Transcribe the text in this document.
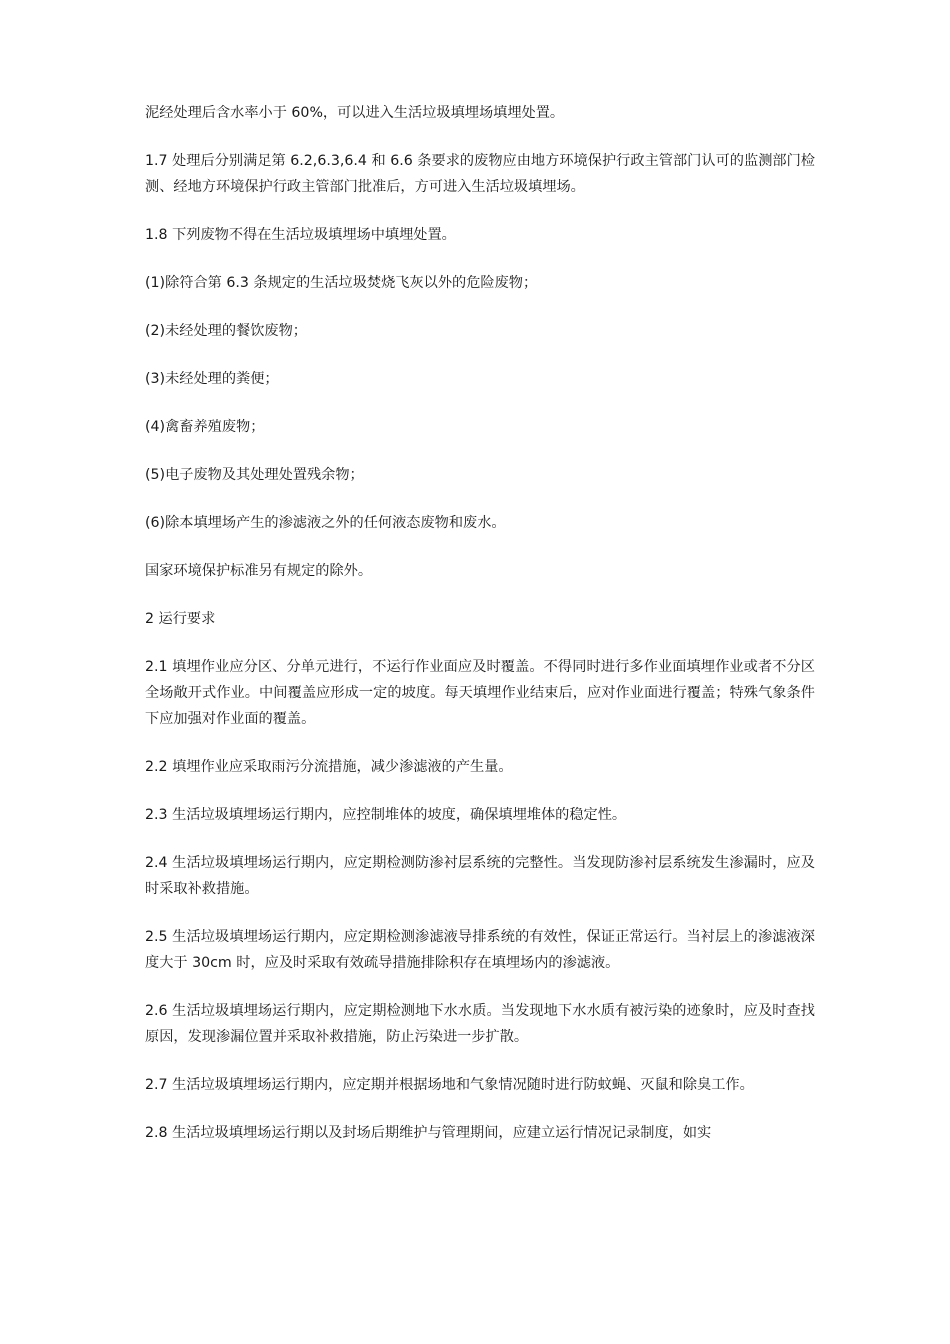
泥经处理后含水率小于 60%，可以进入生活垃圾填埋场填埋处置。

1.7 处理后分别满足第 6.2,6.3,6.4 和 6.6 条要求的废物应由地方环境保护行政主管部门认可的监测部门检测、经地方环境保护行政主管部门批准后，方可进入生活垃圾填埋场。

1.8 下列废物不得在生活垃圾填埋场中填埋处置。

(1)除符合第 6.3 条规定的生活垃圾焚烧飞灰以外的危险废物；

(2)未经处理的餐饮废物；

(3)未经处理的粪便；

(4)禽畜养殖废物；

(5)电子废物及其处理处置残余物；

(6)除本填埋场产生的渗滤液之外的任何液态废物和废水。

国家环境保护标准另有规定的除外。

2 运行要求

2.1 填埋作业应分区、分单元进行，不运行作业面应及时覆盖。不得同时进行多作业面填埋作业或者不分区全场敞开式作业。中间覆盖应形成一定的坡度。每天填埋作业结束后，应对作业面进行覆盖；特殊气象条件下应加强对作业面的覆盖。

2.2 填埋作业应采取雨污分流措施，减少渗滤液的产生量。

2.3 生活垃圾填埋场运行期内，应控制堆体的坡度，确保填埋堆体的稳定性。

2.4 生活垃圾填埋场运行期内，应定期检测防渗衬层系统的完整性。当发现防渗衬层系统发生渗漏时，应及时采取补救措施。

2.5 生活垃圾填埋场运行期内，应定期检测渗滤液导排系统的有效性，保证正常运行。当衬层上的渗滤液深度大于 30cm 时，应及时采取有效疏导措施排除积存在填埋场内的渗滤液。

2.6 生活垃圾填埋场运行期内，应定期检测地下水水质。当发现地下水水质有被污染的迹象时，应及时查找原因，发现渗漏位置并采取补救措施，防止污染进一步扩散。

2.7 生活垃圾填埋场运行期内，应定期并根据场地和气象情况随时进行防蚊蝇、灭鼠和除臭工作。

2.8 生活垃圾填埋场运行期以及封场后期维护与管理期间，应建立运行情况记录制度，如实
